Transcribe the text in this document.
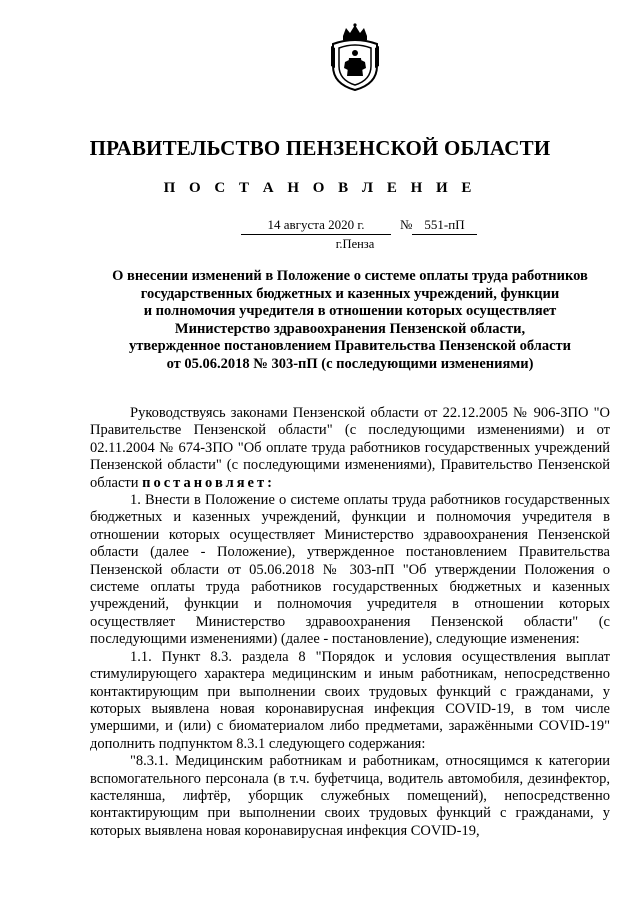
ПРАВИТЕЛЬСТВО ПЕНЗЕНСКОЙ ОБЛАСТИ
П О С Т А Н О В Л Е Н И Е
14 августа 2020 г.	№ 551-пП
г.Пенза
О внесении изменений в Положение о системе оплаты труда работников
государственных бюджетных и казенных учреждений, функции
и полномочия учредителя в отношении которых осуществляет
Министерство здравоохранения Пензенской области,
утвержденное постановлением Правительства Пензенской области
от 05.06.2018 № 303-пП (с последующими изменениями)

Руководствуясь законами Пензенской области от 22.12.2005 № 906-ЗПО "О Правительстве Пензенской области" (с последующими изменениями) и от 02.11.2004 № 674-ЗПО "Об оплате труда работников государственных учреждений Пензенской области" (с последующими изменениями), Правительство Пензенской области постановляет:

1. Внести в Положение о системе оплаты труда работников государственных бюджетных и казенных учреждений, функции и полномочия учредителя в отношении которых осуществляет Министерство здравоохранения Пензенской области (далее - Положение), утвержденное постановлением Правительства Пензенской области от 05.06.2018 № 303-пП "Об утверждении Положения о системе оплаты труда работников государственных бюджетных и казенных учреждений, функции и полномочия учредителя в отношении которых осуществляет Министерство здравоохранения Пензенской области" (с последующими изменениями) (далее - постановление), следующие изменения:

1.1. Пункт 8.3. раздела 8 "Порядок и условия осуществления выплат стимулирующего характера медицинским и иным работникам, непосредственно контактирующим при выполнении своих трудовых функций с гражданами, у которых выявлена новая коронавирусная инфекция COVID-19, в том числе умершими, и (или) с биоматериалом либо предметами, заражёнными COVID-19" дополнить подпунктом 8.3.1 следующего содержания:

"8.3.1. Медицинским работникам и работникам, относящимся к категории вспомогательного персонала (в т.ч. буфетчица, водитель автомобиля, дезинфектор, кастелянша, лифтёр, уборщик служебных помещений), непосредственно контактирующим при выполнении своих трудовых функций с гражданами, у которых выявлена новая коронавирусная инфекция COVID-19,
